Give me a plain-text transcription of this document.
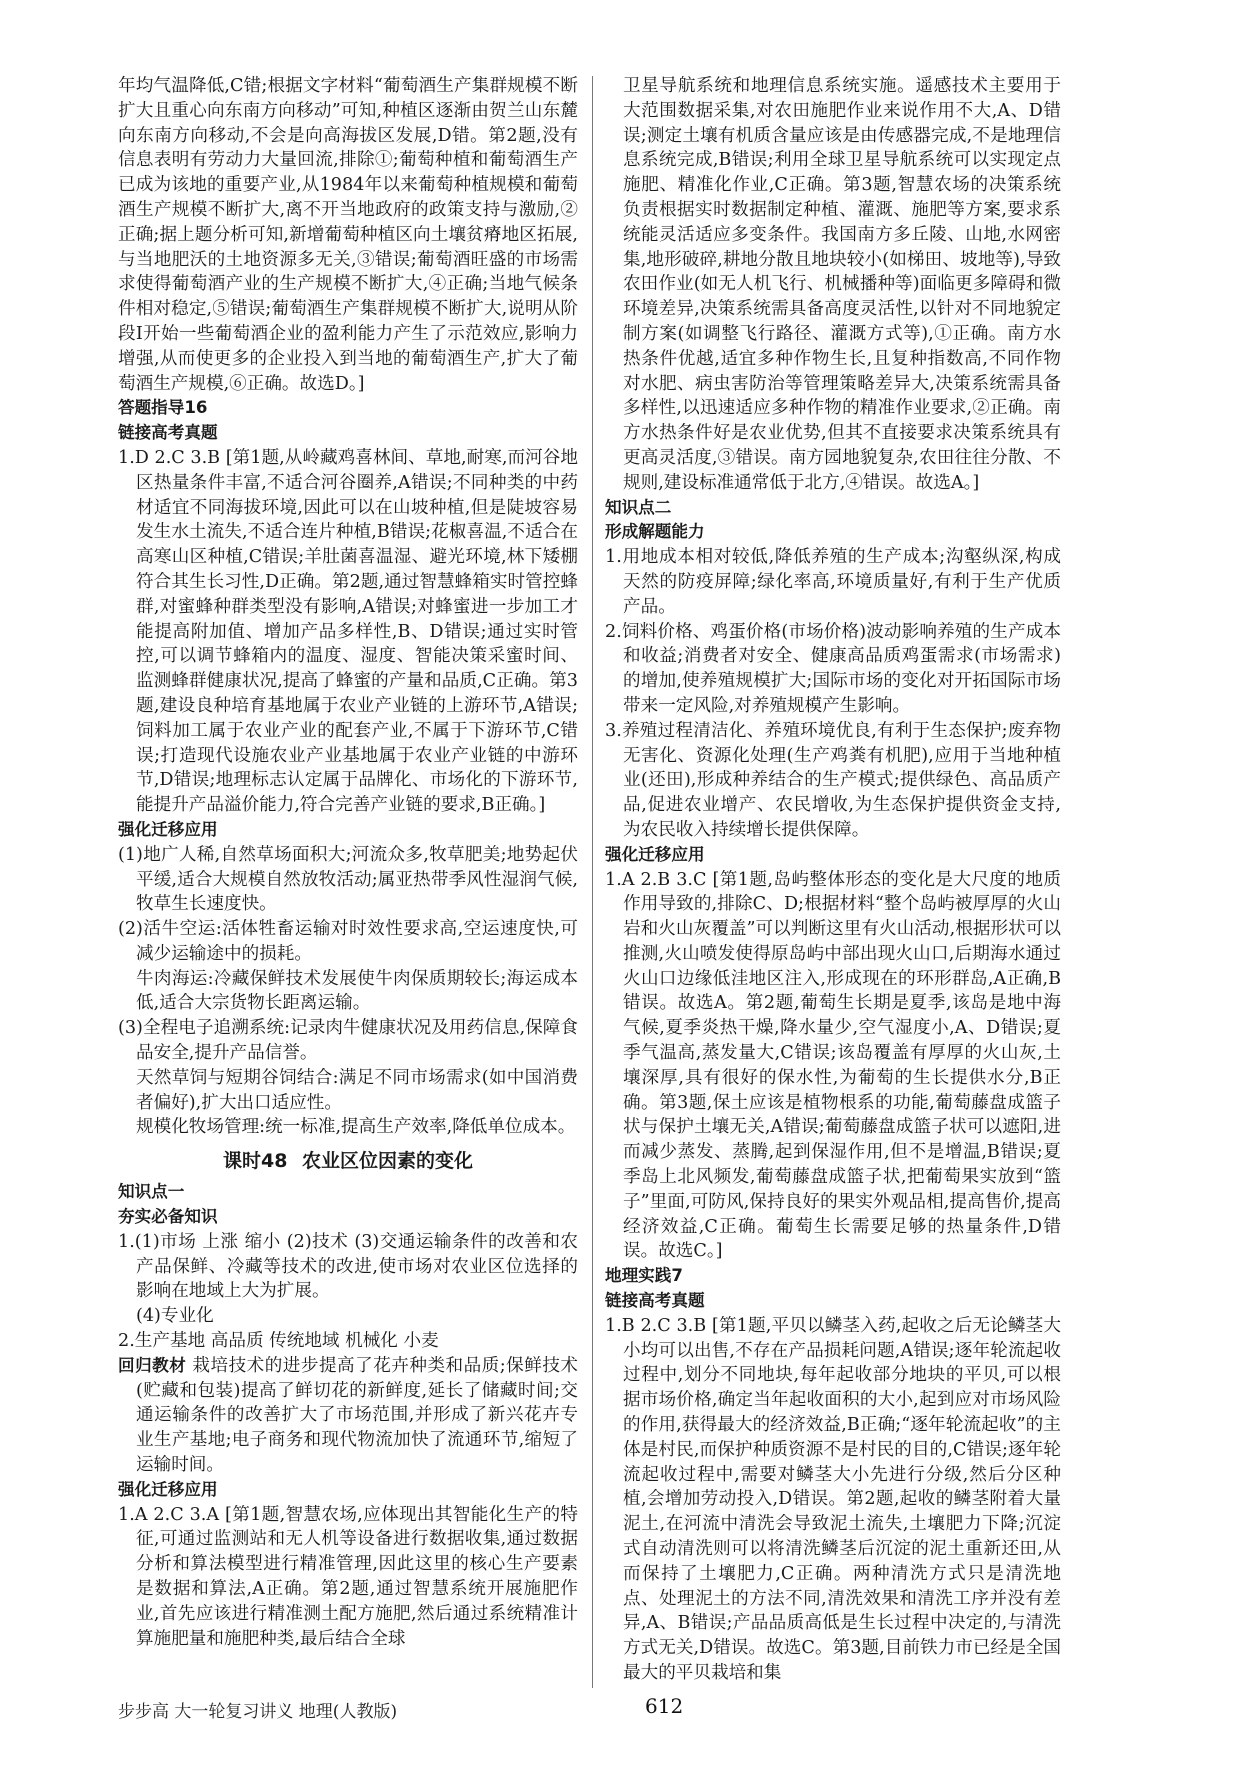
年均气温降低,C错;根据文字材料“葡萄酒生产集群规模不断扩大且重心向东南方向移动”可知,种植区逐渐由贺兰山东麓向东南方向移动,不会是向高海拔区发展,D错。第2题,没有信息表明有劳动力大量回流,排除①;葡萄种植和葡萄酒生产已成为该地的重要产业,从1984年以来葡萄种植规模和葡萄酒生产规模不断扩大,离不开当地政府的政策支持与激励,②正确;据上题分析可知,新增葡萄种植区向土壤贫瘠地区拓展,与当地肥沃的土地资源多无关,③错误;葡萄酒旺盛的市场需求使得葡萄酒产业的生产规模不断扩大,④正确;当地气候条件相对稳定,⑤错误;葡萄酒生产集群规模不断扩大,说明从阶段Ⅰ开始一些葡萄酒企业的盈利能力产生了示范效应,影响力增强,从而使更多的企业投入到当地的葡萄酒生产,扩大了葡萄酒生产规模,⑥正确。故选D。]

答题指导16

链接高考真题

1.D 2.C 3.B [第1题,从岭藏鸡喜林间、草地,耐寒,而河谷地区热量条件丰富,不适合河谷圈养,A错误;不同种类的中药材适宜不同海拔环境,因此可以在山坡种植,但是陡坡容易发生水土流失,不适合连片种植,B错误;花椒喜温,不适合在高寒山区种植,C错误;羊肚菌喜温湿、避光环境,林下矮棚符合其生长习性,D正确。第2题,通过智慧蜂箱实时管控蜂群,对蜜蜂种群类型没有影响,A错误;对蜂蜜进一步加工才能提高附加值、增加产品多样性,B、D错误;通过实时管控,可以调节蜂箱内的温度、湿度、智能决策采蜜时间、监测蜂群健康状况,提高了蜂蜜的产量和品质,C正确。第3题,建设良种培育基地属于农业产业链的上游环节,A错误;饲料加工属于农业产业的配套产业,不属于下游环节,C错误;打造现代设施农业产业基地属于农业产业链的中游环节,D错误;地理标志认定属于品牌化、市场化的下游环节,能提升产品溢价能力,符合完善产业链的要求,B正确。]

强化迁移应用

(1)地广人稀,自然草场面积大;河流众多,牧草肥美;地势起伏平缓,适合大规模自然放牧活动;属亚热带季风性湿润气候,牧草生长速度快。

(2)活牛空运:活体牲畜运输对时效性要求高,空运速度快,可减少运输途中的损耗。

牛肉海运:冷藏保鲜技术发展使牛肉保质期较长;海运成本低,适合大宗货物长距离运输。

(3)全程电子追溯系统:记录肉牛健康状况及用药信息,保障食品安全,提升产品信誉。

天然草饲与短期谷饲结合:满足不同市场需求(如中国消费者偏好),扩大出口适应性。

规模化牧场管理:统一标准,提高生产效率,降低单位成本。

课时48 农业区位因素的变化

知识点一

夯实必备知识

1.(1)市场 上涨 缩小 (2)技术 (3)交通运输条件的改善和农产品保鲜、冷藏等技术的改进,使市场对农业区位选择的影响在地域上大为扩展。

(4)专业化

2.生产基地 高品质 传统地域 机械化 小麦

回归教材 栽培技术的进步提高了花卉种类和品质;保鲜技术(贮藏和包装)提高了鲜切花的新鲜度,延长了储藏时间;交通运输条件的改善扩大了市场范围,并形成了新兴花卉专业生产基地;电子商务和现代物流加快了流通环节,缩短了运输时间。

强化迁移应用

1.A 2.C 3.A [第1题,智慧农场,应体现出其智能化生产的特征,可通过监测站和无人机等设备进行数据收集,通过数据分析和算法模型进行精准管理,因此这里的核心生产要素是数据和算法,A正确。第2题,通过智慧系统开展施肥作业,首先应该进行精准测土配方施肥,然后通过系统精准计算施肥量和施肥种类,最后结合全球

卫星导航系统和地理信息系统实施。遥感技术主要用于大范围数据采集,对农田施肥作业来说作用不大,A、D错误;测定土壤有机质含量应该是由传感器完成,不是地理信息系统完成,B错误;利用全球卫星导航系统可以实现定点施肥、精准化作业,C正确。第3题,智慧农场的决策系统负责根据实时数据制定种植、灌溉、施肥等方案,要求系统能灵活适应多变条件。我国南方多丘陵、山地,水网密集,地形破碎,耕地分散且地块较小(如梯田、坡地等),导致农田作业(如无人机飞行、机械播种等)面临更多障碍和微环境差异,决策系统需具备高度灵活性,以针对不同地貌定制方案(如调整飞行路径、灌溉方式等),①正确。南方水热条件优越,适宜多种作物生长,且复种指数高,不同作物对水肥、病虫害防治等管理策略差异大,决策系统需具备多样性,以迅速适应多种作物的精准作业要求,②正确。南方水热条件好是农业优势,但其不直接要求决策系统具有更高灵活度,③错误。南方园地貌复杂,农田往往分散、不规则,建设标准通常低于北方,④错误。故选A。]

知识点二

形成解题能力

1.用地成本相对较低,降低养殖的生产成本;沟壑纵深,构成天然的防疫屏障;绿化率高,环境质量好,有利于生产优质产品。

2.饲料价格、鸡蛋价格(市场价格)波动影响养殖的生产成本和收益;消费者对安全、健康高品质鸡蛋需求(市场需求)的增加,使养殖规模扩大;国际市场的变化对开拓国际市场带来一定风险,对养殖规模产生影响。

3.养殖过程清洁化、养殖环境优良,有利于生态保护;废弃物无害化、资源化处理(生产鸡粪有机肥),应用于当地种植业(还田),形成种养结合的生产模式;提供绿色、高品质产品,促进农业增产、农民增收,为生态保护提供资金支持,为农民收入持续增长提供保障。

强化迁移应用

1.A 2.B 3.C [第1题,岛屿整体形态的变化是大尺度的地质作用导致的,排除C、D;根据材料“整个岛屿被厚厚的火山岩和火山灰覆盖”可以判断这里有火山活动,根据形状可以推测,火山喷发使得原岛屿中部出现火山口,后期海水通过火山口边缘低洼地区注入,形成现在的环形群岛,A正确,B错误。故选A。第2题,葡萄生长期是夏季,该岛是地中海气候,夏季炎热干燥,降水量少,空气湿度小,A、D错误;夏季气温高,蒸发量大,C错误;该岛覆盖有厚厚的火山灰,土壤深厚,具有很好的保水性,为葡萄的生长提供水分,B正确。第3题,保土应该是植物根系的功能,葡萄藤盘成篮子状与保护土壤无关,A错误;葡萄藤盘成篮子状可以遮阳,进而减少蒸发、蒸腾,起到保湿作用,但不是增温,B错误;夏季岛上北风频发,葡萄藤盘成篮子状,把葡萄果实放到“篮子”里面,可防风,保持良好的果实外观品相,提高售价,提高经济效益,C正确。葡萄生长需要足够的热量条件,D错误。故选C。]

地理实践7

链接高考真题

1.B 2.C 3.B [第1题,平贝以鳞茎入药,起收之后无论鳞茎大小均可以出售,不存在产品损耗问题,A错误;逐年轮流起收过程中,划分不同地块,每年起收部分地块的平贝,可以根据市场价格,确定当年起收面积的大小,起到应对市场风险的作用,获得最大的经济效益,B正确;“逐年轮流起收”的主体是村民,而保护种质资源不是村民的目的,C错误;逐年轮流起收过程中,需要对鳞茎大小先进行分级,然后分区种植,会增加劳动投入,D错误。第2题,起收的鳞茎附着大量泥土,在河流中清洗会导致泥土流失,土壤肥力下降;沉淀式自动清洗则可以将清洗鳞茎后沉淀的泥土重新还田,从而保持了土壤肥力,C正确。两种清洗方式只是清洗地点、处理泥土的方法不同,清洗效果和清洗工序并没有差异,A、B错误;产品品质高低是生长过程中决定的,与清洗方式无关,D错误。故选C。第3题,目前铁力市已经是全国最大的平贝栽培和集

步步高 大一轮复习讲义 地理(人教版)	612
